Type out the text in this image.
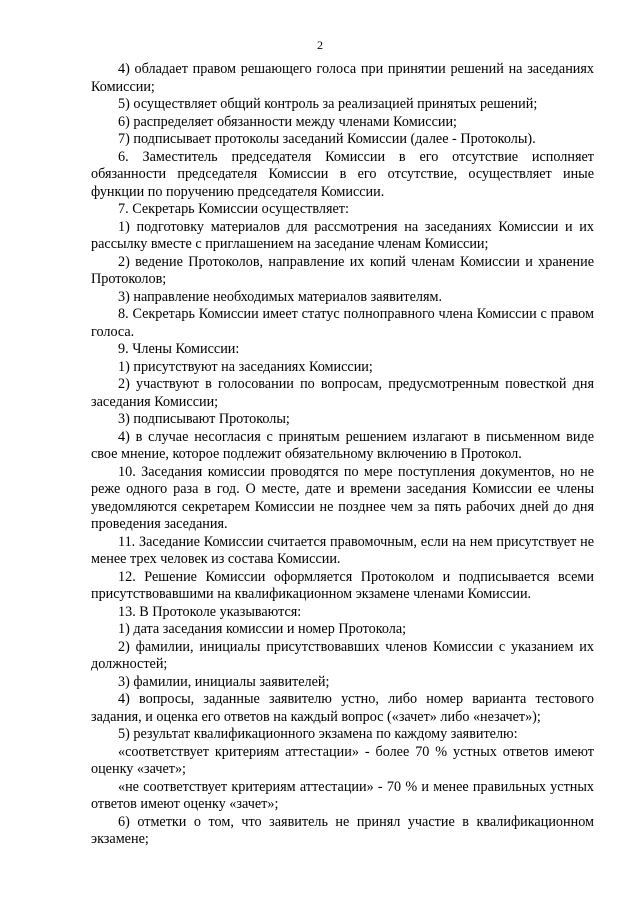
2

4) обладает правом решающего голоса при принятии решений на заседаниях Комиссии;

5) осуществляет общий контроль за реализацией принятых решений;

6) распределяет обязанности между членами Комиссии;

7) подписывает протоколы заседаний Комиссии (далее - Протоколы).

6. Заместитель председателя Комиссии в его отсутствие исполняет обязанности председателя Комиссии в его отсутствие, осуществляет иные функции по поручению председателя Комиссии.

7. Секретарь Комиссии осуществляет:

1) подготовку материалов для рассмотрения на заседаниях Комиссии и их рассылку вместе с приглашением на заседание членам Комиссии;

2) ведение Протоколов, направление их копий членам Комиссии и хранение Протоколов;

3) направление необходимых материалов заявителям.

8. Секретарь Комиссии имеет статус полноправного члена Комиссии с правом голоса.

9. Члены Комиссии:

1) присутствуют на заседаниях Комиссии;

2) участвуют в голосовании по вопросам, предусмотренным повесткой дня заседания Комиссии;

3) подписывают Протоколы;

4) в случае несогласия с принятым решением излагают в письменном виде свое мнение, которое подлежит обязательному включению в Протокол.

10. Заседания комиссии проводятся по мере поступления документов, но не реже одного раза в год. О месте, дате и времени заседания Комиссии ее члены уведомляются секретарем Комиссии не позднее чем за пять рабочих дней до дня проведения заседания.

11. Заседание Комиссии считается правомочным, если на нем присутствует не менее трех человек из состава Комиссии.

12. Решение Комиссии оформляется Протоколом и подписывается всеми присутствовавшими на квалификационном экзамене членами Комиссии.

13. В Протоколе указываются:

1) дата заседания комиссии и номер Протокола;

2) фамилии, инициалы присутствовавших членов Комиссии с указанием их должностей;

3) фамилии, инициалы заявителей;

4) вопросы, заданные заявителю устно, либо номер варианта тестового задания, и оценка его ответов на каждый вопрос («зачет» либо «незачет»);

5) результат квалификационного экзамена по каждому заявителю:

«соответствует критериям аттестации» - более 70 % устных ответов имеют оценку «зачет»;

«не соответствует критериям аттестации» - 70 % и менее правильных устных ответов имеют оценку «зачет»;

6) отметки о том, что заявитель не принял участие в квалификационном экзамене;
